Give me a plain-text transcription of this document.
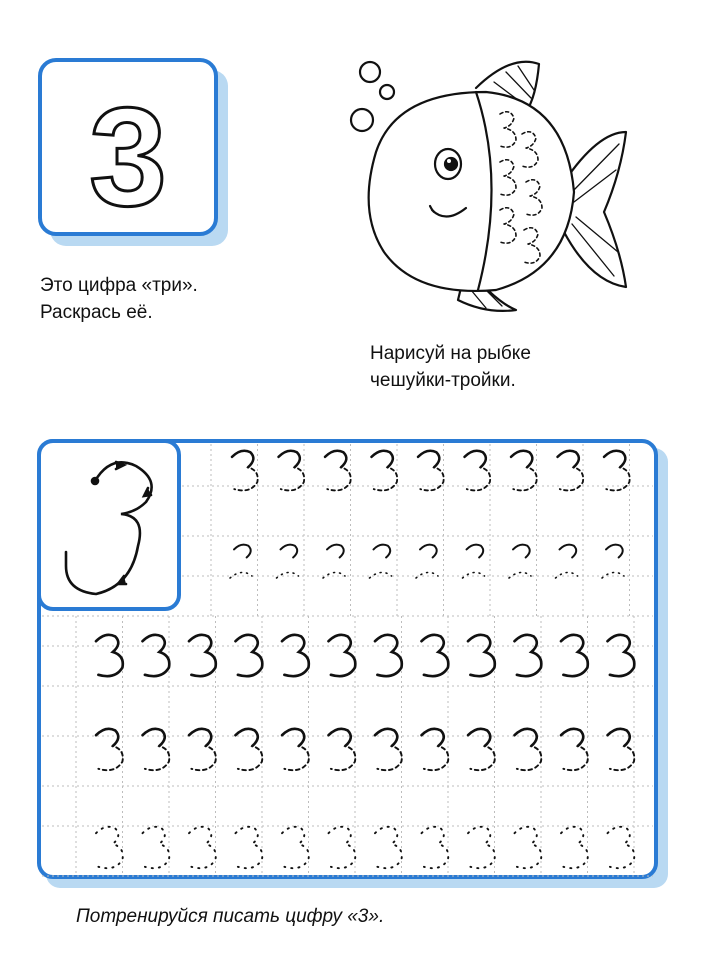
3
Это цифра «три».
Раскрась её.
Нарисуй на рыбке
чешуйки-тройки.
Потренируйся писать цифру «3».
